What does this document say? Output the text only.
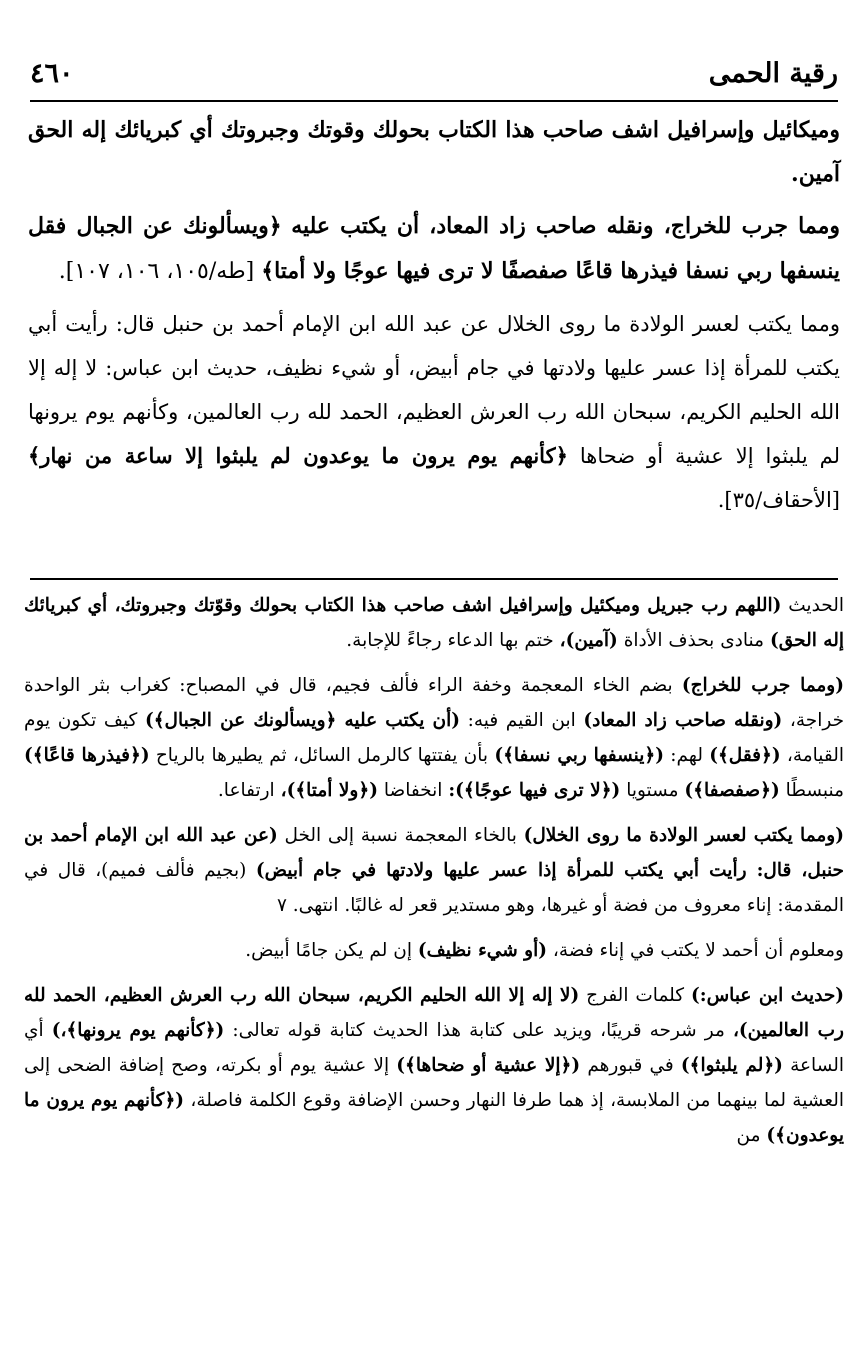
رقية الحمى
٤٦٠

وميكائيل وإسرافيل اشف صاحب هذا الكتاب بحولك وقوتك وجبروتك أي كبريائك إله الحق آمين.

ومما جرب للخراج، ونقله صاحب زاد المعاد، أن يكتب عليه ﴿ويسألونك عن الجبال فقل ينسفها ربي نسفا فيذرها قاعًا صفصفًا لا ترى فيها عوجًا ولا أمتا﴾ [طه/١٠٥، ١٠٦، ١٠٧].

ومما يكتب لعسر الولادة ما روى الخلال عن عبد الله ابن الإمام أحمد بن حنبل قال: رأيت أبي يكتب للمرأة إذا عسر عليها ولادتها في جام أبيض، أو شيء نظيف، حديث ابن عباس: لا إله إلا الله الحليم الكريم، سبحان الله رب العرش العظيم، الحمد لله رب العالمين، وكأنهم يوم يرونها لم يلبثوا إلا عشية أو ضحاها ﴿كأنهم يوم يرون ما يوعدون لم يلبثوا إلا ساعة من نهار﴾ [الأحقاف/٣٥].

الحديث (اللهم رب جبريل وميكئيل وإسرافيل اشف صاحب هذا الكتاب بحولك وقوّتك وجبروتك، أي كبريائك إله الحق) منادى بحذف الأداة (آمين)، ختم بها الدعاء رجاءً للإجابة.

(ومما جرب للخراج) بضم الخاء المعجمة وخفة الراء فألف فجيم، قال في المصباح: كغراب بثر الواحدة خراجة، (ونقله صاحب زاد المعاد) ابن القيم فيه: (أن يكتب عليه ﴿ويسألونك عن الجبال﴾) كيف تكون يوم القيامة، (﴿فقل﴾) لهم: (﴿ينسفها ربي نسفا﴾) بأن يفتتها كالرمل السائل، ثم يطيرها بالرياح (﴿فيذرها قاعًا﴾) منبسطًا (﴿صفصفا﴾) مستويا (﴿لا ترى فيها عوجًا﴾): انخفاضا (﴿ولا أمتا﴾)، ارتفاعا.

(ومما يكتب لعسر الولادة ما روى الخلال) بالخاء المعجمة نسبة إلى الخل (عن عبد الله ابن الإمام أحمد بن حنبل، قال: رأيت أبي يكتب للمرأة إذا عسر عليها ولادتها في جام أبيض) (بجيم فألف فميم)، قال في المقدمة: إناء معروف من فضة أو غيرها، وهو مستدير قعر له غالبًا. انتهى. ٧

ومعلوم أن أحمد لا يكتب في إناء فضة، (أو شيء نظيف) إن لم يكن جامًا أبيض.

(حديث ابن عباس:) كلمات الفرج (لا إله إلا الله الحليم الكريم، سبحان الله رب العرش العظيم، الحمد لله رب العالمين)، مر شرحه قريبًا، ويزيد على كتابة هذا الحديث كتابة قوله تعالى: (﴿كأنهم يوم يرونها﴾،) أي الساعة (﴿لم يلبثوا﴾) في قبورهم (﴿إلا عشية أو ضحاها﴾) إلا عشية يوم أو بكرته، وصح إضافة الضحى إلى العشية لما بينهما من الملابسة، إذ هما طرفا النهار وحسن الإضافة وقوع الكلمة فاصلة، (﴿كأنهم يوم يرون ما يوعدون﴾) من
